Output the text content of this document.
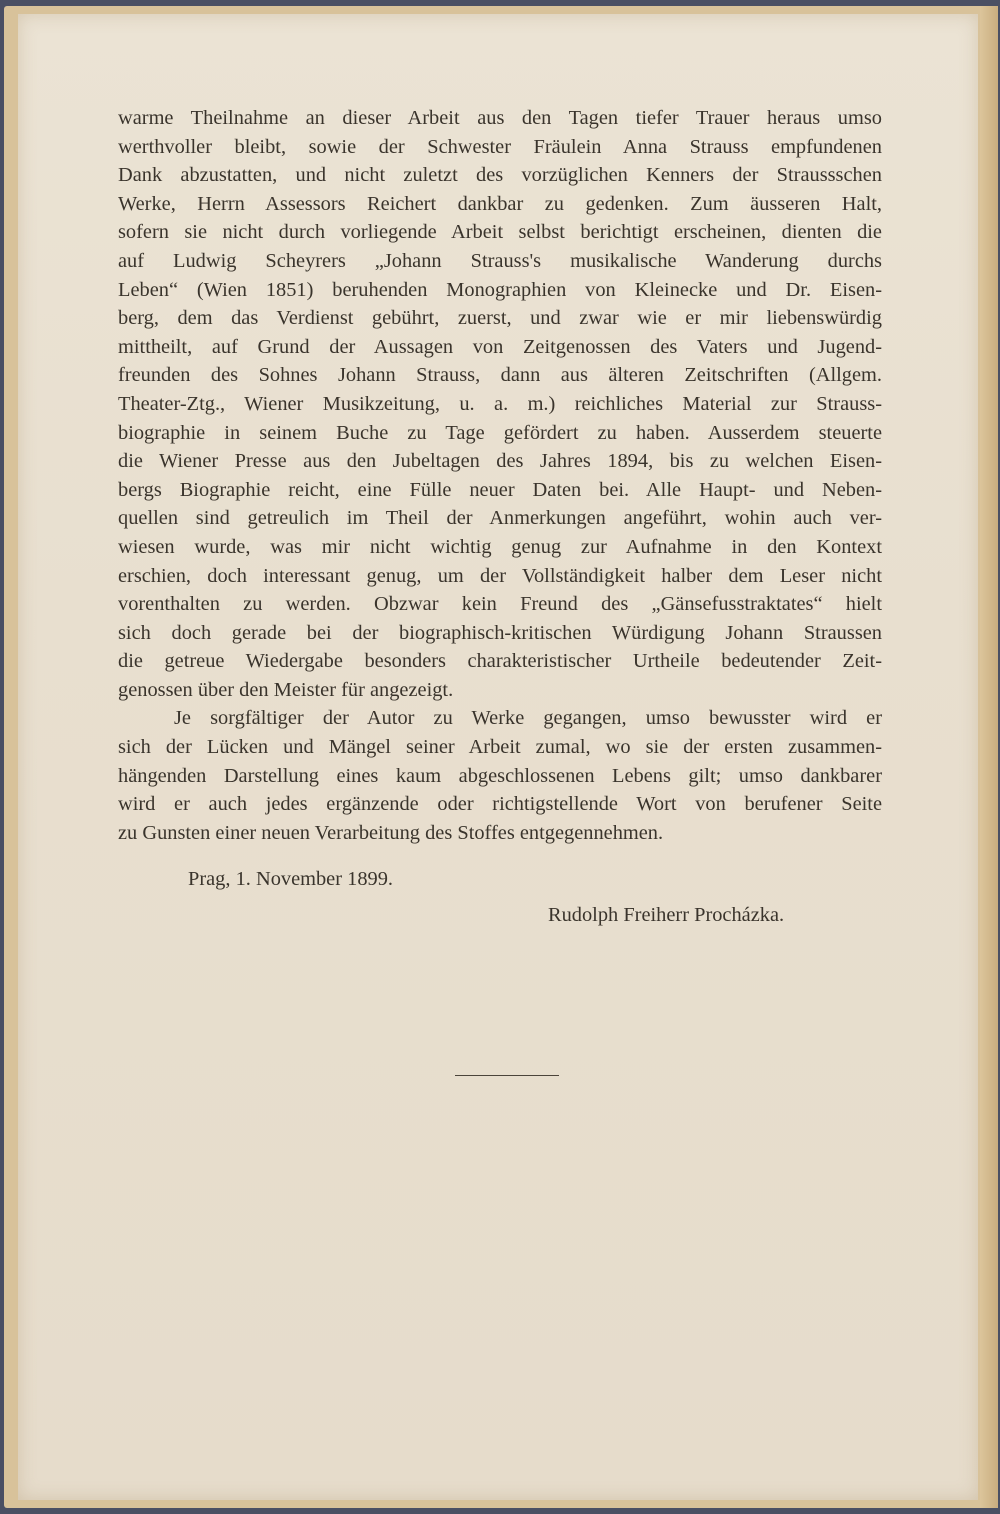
warme Theilnahme an dieser Arbeit aus den Tagen tiefer Trauer heraus umso
werthvoller bleibt, sowie der Schwester Fräulein Anna Strauss empfundenen
Dank abzustatten, und nicht zuletzt des vorzüglichen Kenners der Straussschen
Werke, Herrn Assessors Reichert dankbar zu gedenken. Zum äusseren Halt,
sofern sie nicht durch vorliegende Arbeit selbst berichtigt erscheinen, dienten die
auf Ludwig Scheyrers „Johann Strauss's musikalische Wanderung durchs
Leben“ (Wien 1851) beruhenden Monographien von Kleinecke und Dr. Eisen-
berg, dem das Verdienst gebührt, zuerst, und zwar wie er mir liebenswürdig
mittheilt, auf Grund der Aussagen von Zeitgenossen des Vaters und Jugend-
freunden des Sohnes Johann Strauss, dann aus älteren Zeitschriften (Allgem.
Theater-Ztg., Wiener Musikzeitung, u. a. m.) reichliches Material zur Strauss-
biographie in seinem Buche zu Tage gefördert zu haben. Ausserdem steuerte
die Wiener Presse aus den Jubeltagen des Jahres 1894, bis zu welchen Eisen-
bergs Biographie reicht, eine Fülle neuer Daten bei. Alle Haupt- und Neben-
quellen sind getreulich im Theil der Anmerkungen angeführt, wohin auch ver-
wiesen wurde, was mir nicht wichtig genug zur Aufnahme in den Kontext
erschien, doch interessant genug, um der Vollständigkeit halber dem Leser nicht
vorenthalten zu werden. Obzwar kein Freund des „Gänsefusstraktates“ hielt
sich doch gerade bei der biographisch-kritischen Würdigung Johann Straussen
die getreue Wiedergabe besonders charakteristischer Urtheile bedeutender Zeit-
genossen über den Meister für angezeigt.

Je sorgfältiger der Autor zu Werke gegangen, umso bewusster wird er
sich der Lücken und Mängel seiner Arbeit zumal, wo sie der ersten zusammen-
hängenden Darstellung eines kaum abgeschlossenen Lebens gilt; umso dankbarer
wird er auch jedes ergänzende oder richtigstellende Wort von berufener Seite
zu Gunsten einer neuen Verarbeitung des Stoffes entgegennehmen.

Prag, 1. November 1899.
Rudolph Freiherr Procházka.
